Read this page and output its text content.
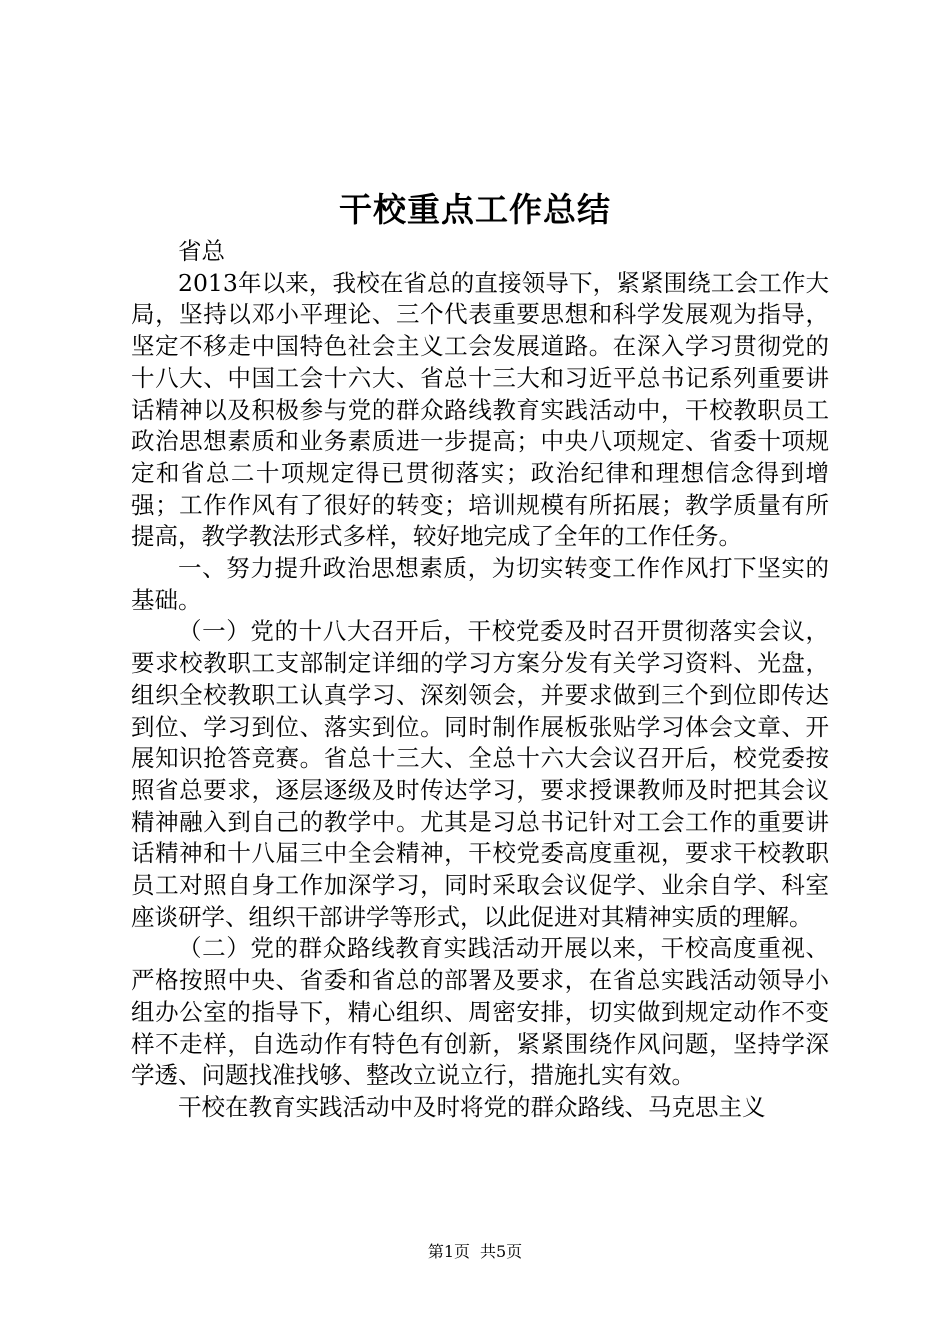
干校重点工作总结

省总

2013年以来，我校在省总的直接领导下，紧紧围绕工会工作大局，坚持以邓小平理论、三个代表重要思想和科学发展观为指导，坚定不移走中国特色社会主义工会发展道路。在深入学习贯彻党的十八大、中国工会十六大、省总十三大和习近平总书记系列重要讲话精神以及积极参与党的群众路线教育实践活动中，干校教职员工政治思想素质和业务素质进一步提高；中央八项规定、省委十项规定和省总二十项规定得已贯彻落实；政治纪律和理想信念得到增强；工作作风有了很好的转变；培训规模有所拓展；教学质量有所提高，教学教法形式多样，较好地完成了全年的工作任务。

一、努力提升政治思想素质，为切实转变工作作风打下坚实的基础。

（一）党的十八大召开后，干校党委及时召开贯彻落实会议，要求校教职工支部制定详细的学习方案分发有关学习资料、光盘，组织全校教职工认真学习、深刻领会，并要求做到三个到位即传达到位、学习到位、落实到位。同时制作展板张贴学习体会文章、开展知识抢答竞赛。省总十三大、全总十六大会议召开后，校党委按照省总要求，逐层逐级及时传达学习，要求授课教师及时把其会议精神融入到自己的教学中。尤其是习总书记针对工会工作的重要讲话精神和十八届三中全会精神，干校党委高度重视，要求干校教职员工对照自身工作加深学习，同时采取会议促学、业余自学、科室座谈研学、组织干部讲学等形式，以此促进对其精神实质的理解。

（二）党的群众路线教育实践活动开展以来，干校高度重视、严格按照中央、省委和省总的部署及要求，在省总实践活动领导小组办公室的指导下，精心组织、周密安排，切实做到规定动作不变样不走样，自选动作有特色有创新，紧紧围绕作风问题，坚持学深学透、问题找准找够、整改立说立行，措施扎实有效。

干校在教育实践活动中及时将党的群众路线、马克思主义

第1页 共5页
